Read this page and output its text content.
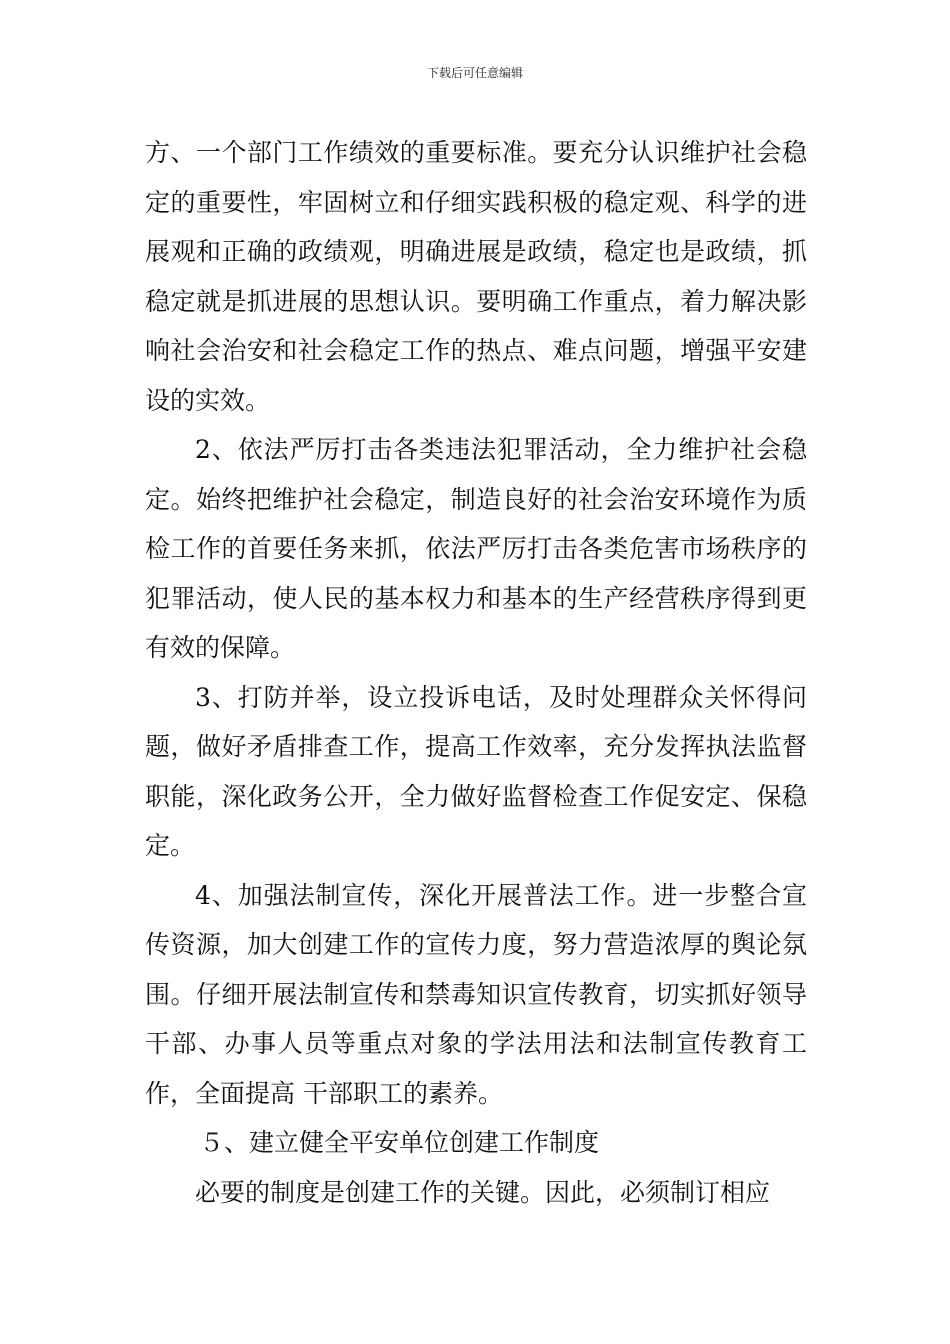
下载后可任意编辑

方、一个部门工作绩效的重要标准。要充分认识维护社会稳定的重要性，牢固树立和仔细实践积极的稳定观、科学的进展观和正确的政绩观，明确进展是政绩，稳定也是政绩，抓稳定就是抓进展的思想认识。要明确工作重点，着力解决影响社会治安和社会稳定工作的热点、难点问题，增强平安建设的实效。

2、依法严厉打击各类违法犯罪活动，全力维护社会稳定。始终把维护社会稳定，制造良好的社会治安环境作为质检工作的首要任务来抓，依法严厉打击各类危害市场秩序的犯罪活动，使人民的基本权力和基本的生产经营秩序得到更有效的保障。

3、打防并举，设立投诉电话，及时处理群众关怀得问题，做好矛盾排查工作，提高工作效率，充分发挥执法监督职能，深化政务公开，全力做好监督检查工作促安定、保稳定。

4、加强法制宣传，深化开展普法工作。进一步整合宣传资源，加大创建工作的宣传力度，努力营造浓厚的舆论氛围。仔细开展法制宣传和禁毒知识宣传教育，切实抓好领导干部、办事人员等重点对象的学法用法和法制宣传教育工作，全面提高 干部职工的素养。

５、建立健全平安单位创建工作制度

必要的制度是创建工作的关键。因此，必须制订相应
